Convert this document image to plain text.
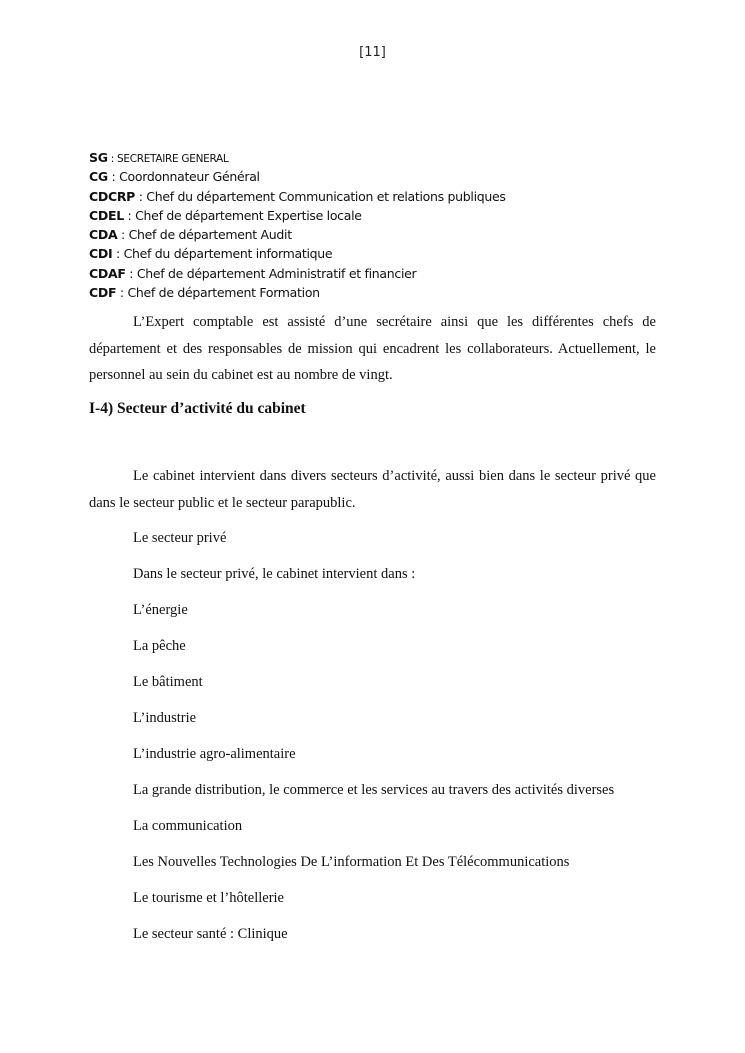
[11]
SG : SECRETAIRE GENERAL
CG : Coordonnateur Général
CDCRP : Chef du département Communication et relations publiques
CDEL : Chef de département Expertise locale
CDA : Chef de département Audit
CDI : Chef du département informatique
CDAF : Chef de département Administratif et financier
CDF : Chef de département Formation

L’Expert comptable est assisté d’une secrétaire ainsi que les différentes chefs de département et des responsables de mission qui encadrent les collaborateurs. Actuellement, le personnel au sein du cabinet est au nombre de vingt.

I-4) Secteur d’activité du cabinet

Le cabinet intervient dans divers secteurs d’activité, aussi bien dans le secteur privé que dans le secteur public et le secteur parapublic.

Le secteur privé
Dans le secteur privé, le cabinet intervient dans :
L’énergie
La pêche
Le bâtiment
L’industrie
L’industrie agro-alimentaire
La grande distribution, le commerce et les services au travers des activités diverses
La communication
Les Nouvelles Technologies De L’information Et Des Télécommunications
Le tourisme et l’hôtellerie
Le secteur santé : Clinique
